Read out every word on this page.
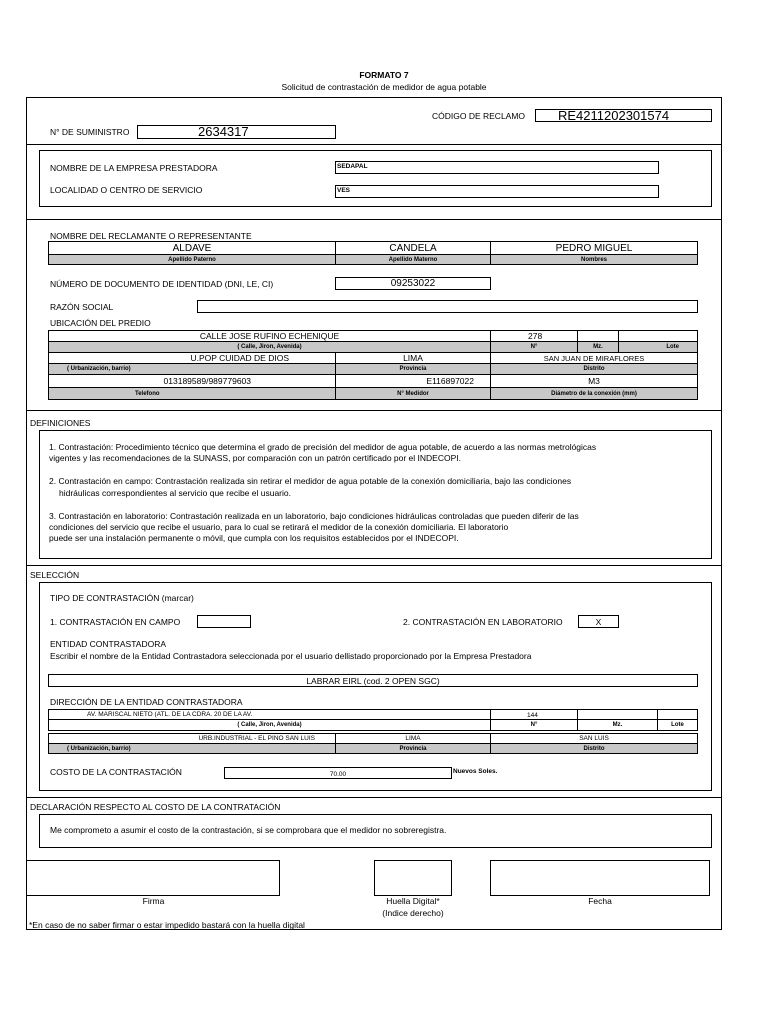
FORMATO 7
Solicitud de contrastación de medidor de agua potable
CÓDIGO DE RECLAMO	RE4211202301574
N° DE SUMINISTRO	2634317
NOMBRE DE LA EMPRESA PRESTADORA	SEDAPAL
LOCALIDAD O CENTRO DE SERVICIO	VES
NOMBRE DEL RECLAMANTE O REPRESENTANTE
ALDAVE	CANDELA	PEDRO MIGUEL
Apellido Paterno	Apellido Materno	Nombres
NÚMERO DE DOCUMENTO DE IDENTIDAD (DNI, LE, CI)	09253022
RAZÓN SOCIAL
UBICACIÓN DEL PREDIO
CALLE JOSE RUFINO ECHENIQUE	278
( Calle, Jiron, Avenida)	N°	Mz.	Lote
U.POP CUIDAD DE DIOS	LIMA	SAN JUAN DE MIRAFLORES
( Urbanización, barrio)	Provincia	Distrito
013189589/989779603	E116897022	M3
Telefono	N° Medidor	Diámetro de la conexión (mm)
DEFINICIONES
1. Contrastación: Procedimiento técnico que determina el grado de precisión del medidor de agua potable, de acuerdo a las normas metrológicas
vigentes y las recomendaciones de la SUNASS, por comparación con un patrón certificado por el INDECOPI.
2. Contrastación en campo: Contrastación realizada sin retirar el medidor de agua potable de la conexión domiciliaria, bajo las condiciones
hidráulicas correspondientes al servicio que recibe el usuario.
3. Contrastación en laboratorio: Contrastación realizada en un laboratorio, bajo condiciones hidráulicas controladas que pueden diferir de las
condiciones del servicio que recibe el usuario, para lo cual se retirará el medidor de la conexión domiciliaria. El laboratorio
puede ser una instalación permanente o móvil, que cumpla con los requisitos establecidos por el INDECOPI.
SELECCIÓN
TIPO DE CONTRASTACIÓN (marcar)
1. CONTRASTACIÓN EN CAMPO	2. CONTRASTACIÓN EN LABORATORIO	X
ENTIDAD CONTRASTADORA
Escribir el nombre de la Entidad Contrastadora seleccionada por el usuario dellistado proporcionado por la Empresa Prestadora
LABRAR EIRL (cod. 2 OPEN SGC)
DIRECCIÓN DE LA ENTIDAD CONTRASTADORA
AV. MARISCAL NIETO (ATL. DE LA CDRA. 20 DE LA AV.	144
( Calle, Jiron, Avenida)	N°	Mz.	Lote
URB.INDUSTRIAL - EL PINO SAN LUIS	LIMA	SAN LUIS
( Urbanización, barrio)	Provincia	Distrito
COSTO DE LA CONTRASTACIÓN	70.00	Nuevos Soles.
DECLARACIÓN RESPECTO AL COSTO DE LA CONTRATACIÓN
Me comprometo a asumir el costo de la contrastación, si se comprobara que el medidor no sobreregistra.
Firma	Huella Digital*
(Indice derecho)
Fecha
*En caso de no saber firmar o estar impedido bastará con la huella digital
